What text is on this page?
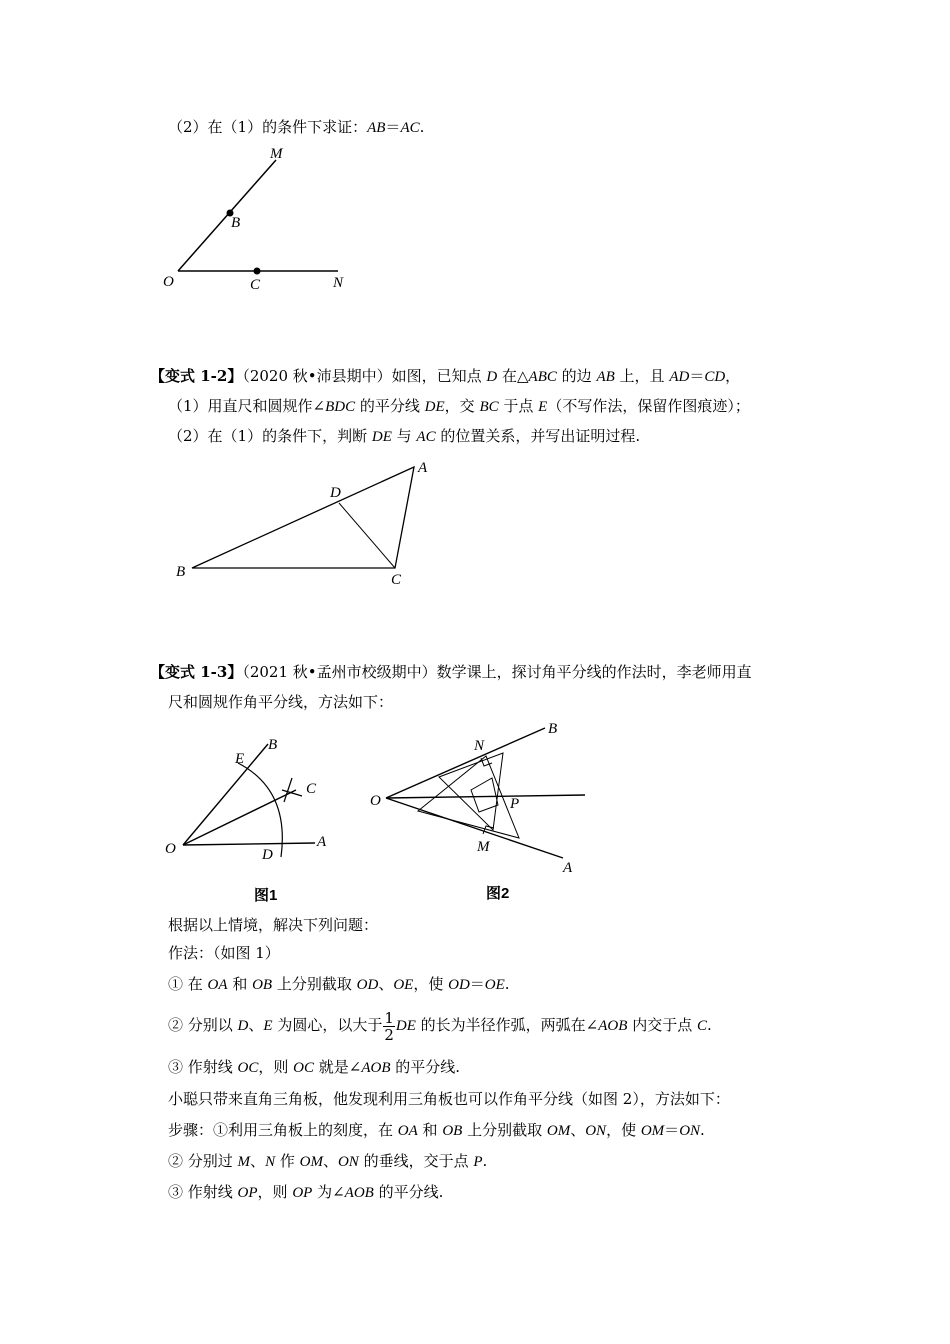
（2）在（1）的条件下求证：AB＝AC.
M
B
O	C	N
【变式 1-2】（2020 秋•沛县期中）如图，已知点 D 在△ABC 的边 AB 上，且 AD＝CD，
（1）用直尺和圆规作∠BDC 的平分线 DE，交 BC 于点 E（不写作法，保留作图痕迹）；
（2）在（1）的条件下，判断 DE 与 AC 的位置关系，并写出证明过程.
A
D
B	C
【变式 1-3】（2021 秋•孟州市校级期中）数学课上，探讨角平分线的作法时，李老师用直
尺和圆规作角平分线，方法如下：
B
E
C
O	D
A
图1
N
B
O	P
M
A
图2
根据以上情境，解决下列问题：
作法：（如图 1）
① 在 OA 和 OB 上分别截取 OD、OE，使 OD＝OE.
② 分别以 D、E 为圆心，以大于 $\frac{1}{2}$ DE 的长为半径作弧，两弧在∠AOB 内交于点 C.
③ 作射线 OC，则 OC 就是∠AOB 的平分线.
小聪只带来直角三角板，他发现利用三角板也可以作角平分线（如图 2），方法如下：
步骤：①利用三角板上的刻度，在 OA 和 OB 上分别截取 OM、ON，使 OM＝ON.
② 分别过 M、N 作 OM、ON 的垂线，交于点 P.
③ 作射线 OP，则 OP 为∠AOB 的平分线.
